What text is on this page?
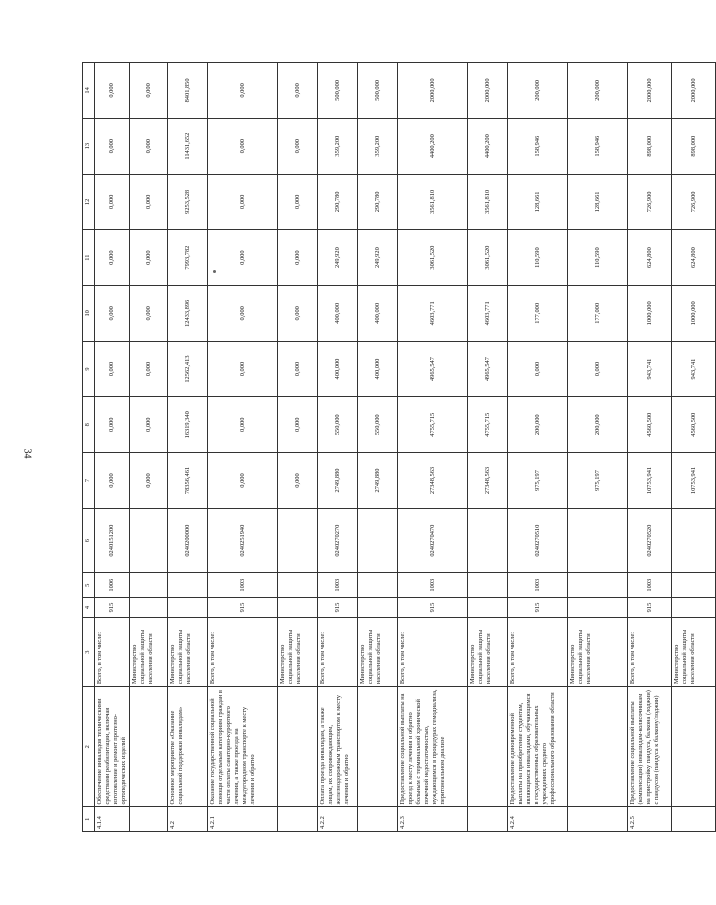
34
1	2	3	4	5	6	7	8	9	10	11	12	13	14
4.1.4	Обеспечение инвалидов техническими средствами реабилитации, включая изготовление и ремонт протезно-ортопедических изделий	Всего, в том числе:	915	1006	0240151200	0,000	0,000	0,000	0,000	0,000	0,000	0,000	0,000
		Министерство социальной защиты населения области				0,000	0,000	0,000	0,000	0,000	0,000	0,000	0,000
4.2	Основное мероприятие «Оказание социальной поддержки инвалидам»	Министерство социальной защиты населения области			0240200000	78356,461	16319,340	12562,413	12433,896	7993,782	9253,528	11431,652	8401,850
4.2.1	Оказание государственной социальной помощи отдельным категориям граждан в части оплаты санаторно-курортного лечения, а также проезда на междугородном транспорте к месту лечения и обратно	Всего, в том числе:	915	1003	0240251940	0,000	0,000	0,000	0,000	0,000	0,000	0,000	0,000
		Министерство социальной защиты населения области				0,000	0,000	0,000	0,000	0,000	0,000	0,000	0,000
4.2.2	Оплата проезда инвалидам, а также лицам, их сопровождающим, железнодорожным транспортом к месту лечения и обратно	Всего, в том числе:	915	1003	0240270270	2749,880	550,000	400,000	400,000	249,920	290,780	359,200	500,000
		Министерство социальной защиты населения области				2749,880	550,000	400,000	400,000	249,920	290,780	359,200	500,000
4.2.3	Предоставление социальной выплаты на проезд к месту лечения и обратно больным с терминальной хронической почечной недостаточностью, нуждающимся в процедурах гемодиализа, перитонеальном диализе	Всего, в том числе:	915	1003	0240270470	27348,563	4755,715	4965,547	4603,771	3061,520	3561,810	4400,200	2000,000
		Министерство социальной защиты населения области				27348,563	4755,715	4965,547	4603,771	3061,520	3561,810	4400,200	2000,000
4.2.4	Предоставление единовременной выплаты на приобретение студентам, являющимся инвалидами, обучающимся в государственных образовательных учреждениях среднего профессионального образования области	Всего, в том числе:	915	1003	0240270510	975,197	200,000	0,000	177,000	110,590	128,661	158,946	200,000
		Министерство социальной защиты населения области				975,197	200,000	0,000	177,000	110,590	128,661	158,946	200,000
4.2.5	Предоставление социальной выплаты (компенсации) инвалидам-колясочникам на пристройку пандуса, балкона (лоджии) с пандусом (пандуса к балкону/лоджии)	Всего, в том числе:	915	1003	0240270520	10753,941	4560,500	943,741	1000,000	624,800	726,900	898,000	2000,000
		Министерство социальной защиты населения области				10753,941	4560,500	943,741	1000,000	624,800	726,900	898,000	2000,000
